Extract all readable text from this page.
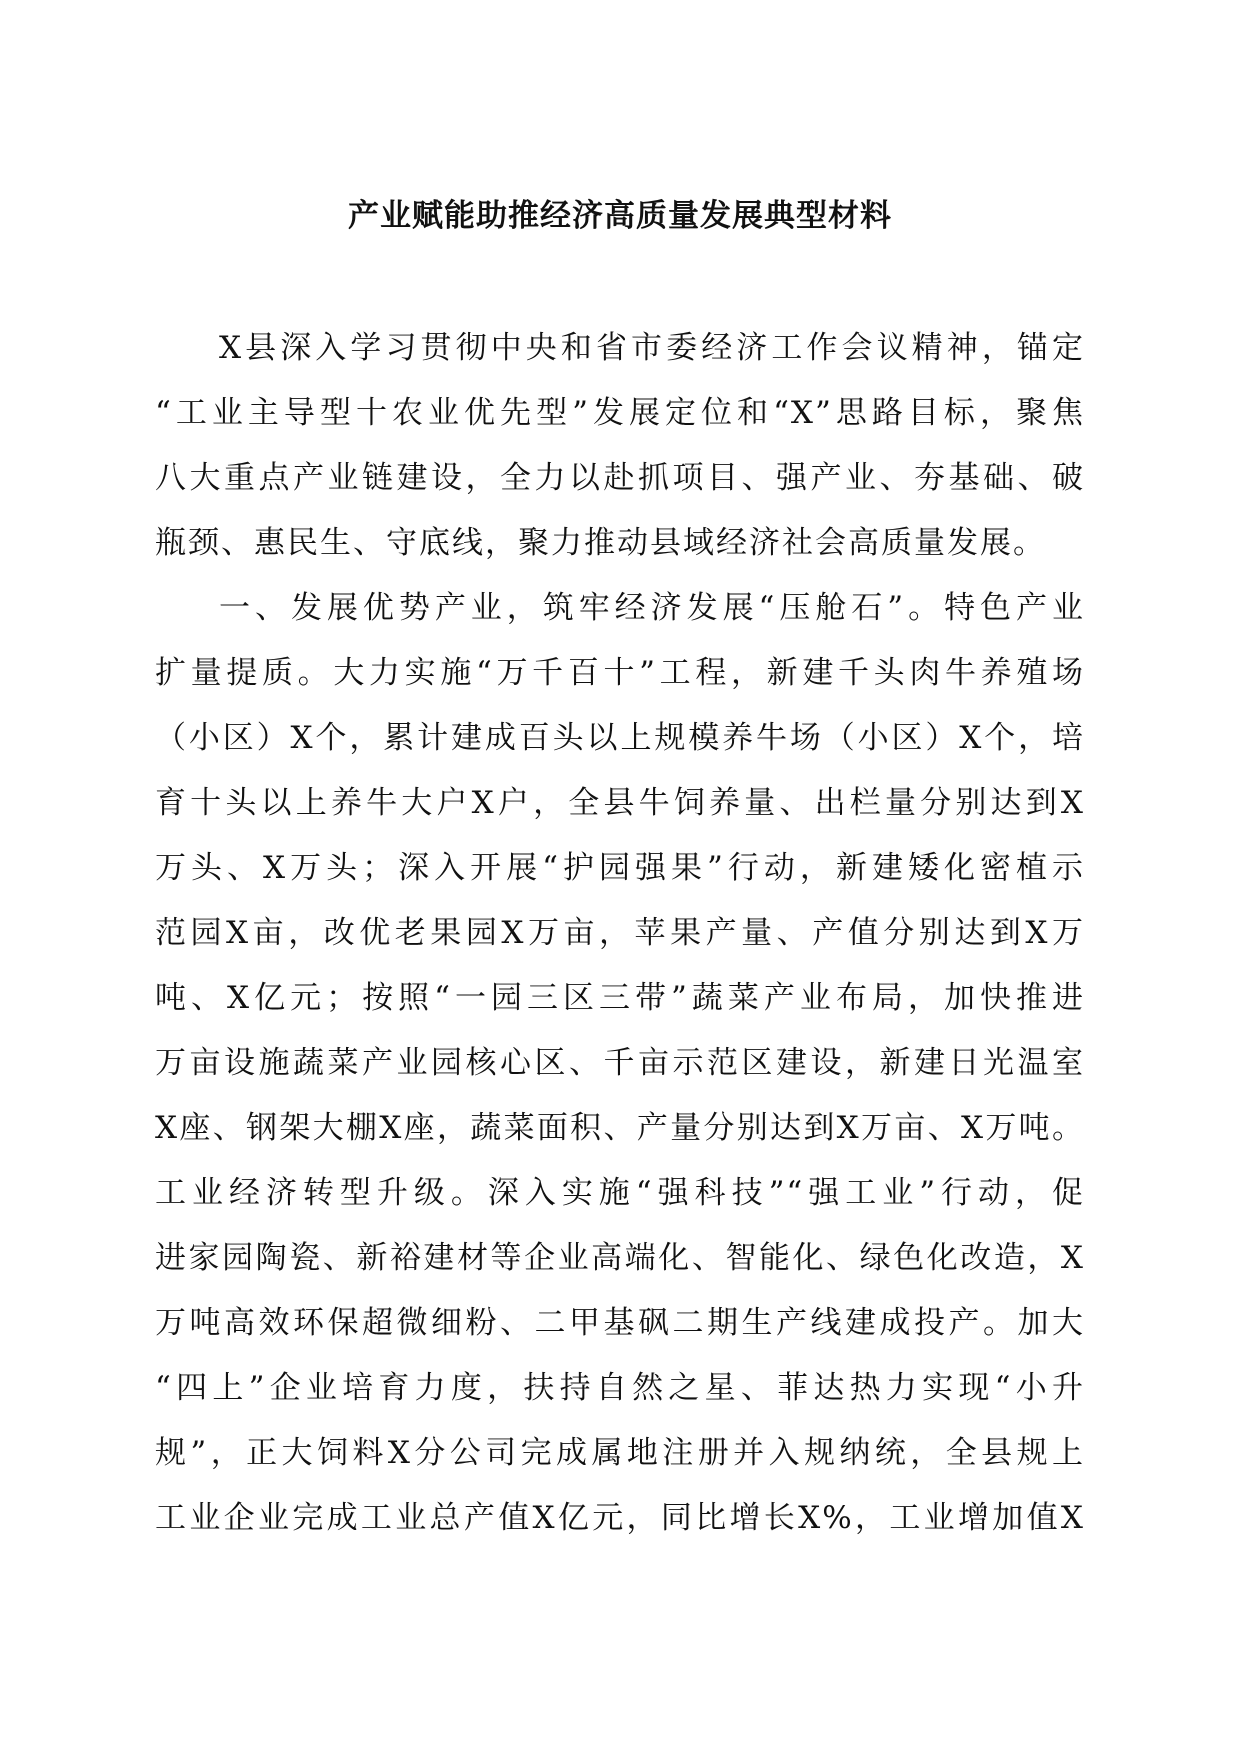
产业赋能助推经济高质量发展典型材料
X县深入学习贯彻中央和省市委经济工作会议精神，锚定
“工业主导型十农业优先型”发展定位和“X”思路目标，聚焦
八大重点产业链建设，全力以赴抓项目、强产业、夯基础、破
瓶颈、惠民生、守底线，聚力推动县域经济社会高质量发展。
一、发展优势产业，筑牢经济发展“压舱石”。特色产业
扩量提质。大力实施“万千百十”工程，新建千头肉牛养殖场
（小区）X个，累计建成百头以上规模养牛场（小区）X个，培
育十头以上养牛大户X户，全县牛饲养量、出栏量分别达到X
万头、X万头；深入开展“护园强果”行动，新建矮化密植示
范园X亩，改优老果园X万亩，苹果产量、产值分别达到X万
吨、X亿元；按照“一园三区三带”蔬菜产业布局，加快推进
万亩设施蔬菜产业园核心区、千亩示范区建设，新建日光温室
X座、钢架大棚X座，蔬菜面积、产量分别达到X万亩、X万吨。
工业经济转型升级。深入实施“强科技”“强工业”行动，促
进家园陶瓷、新裕建材等企业高端化、智能化、绿色化改造，X
万吨高效环保超微细粉、二甲基砜二期生产线建成投产。加大
“四上”企业培育力度，扶持自然之星、菲达热力实现“小升
规”，正大饲料X分公司完成属地注册并入规纳统，全县规上
工业企业完成工业总产值X亿元，同比增长X%，工业增加值X
